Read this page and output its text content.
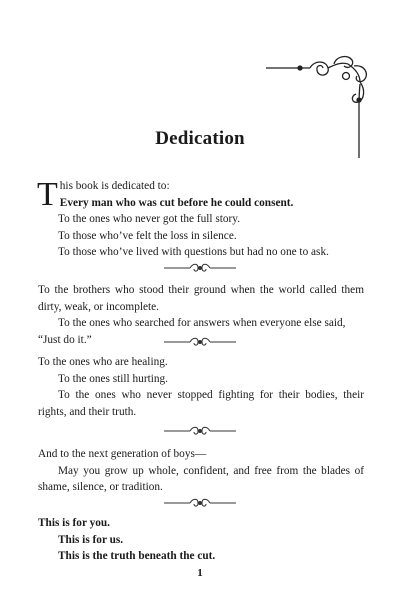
Dedication

This book is dedicated to:

Every man who was cut before he could consent.

To the ones who never got the full story.

To those who’ve felt the loss in silence.

To those who’ve lived with questions but had no one to ask.

To the brothers who stood their ground when the world called them dirty, weak, or incomplete.

To the ones who searched for answers when everyone else said, “Just do it.”

To the ones who are healing.

To the ones still hurting.

To the ones who never stopped fighting for their bodies, their rights, and their truth.

And to the next generation of boys—

May you grow up whole, confident, and free from the blades of shame, silence, or tradition.

This is for you.

This is for us.

This is the truth beneath the cut.

1
